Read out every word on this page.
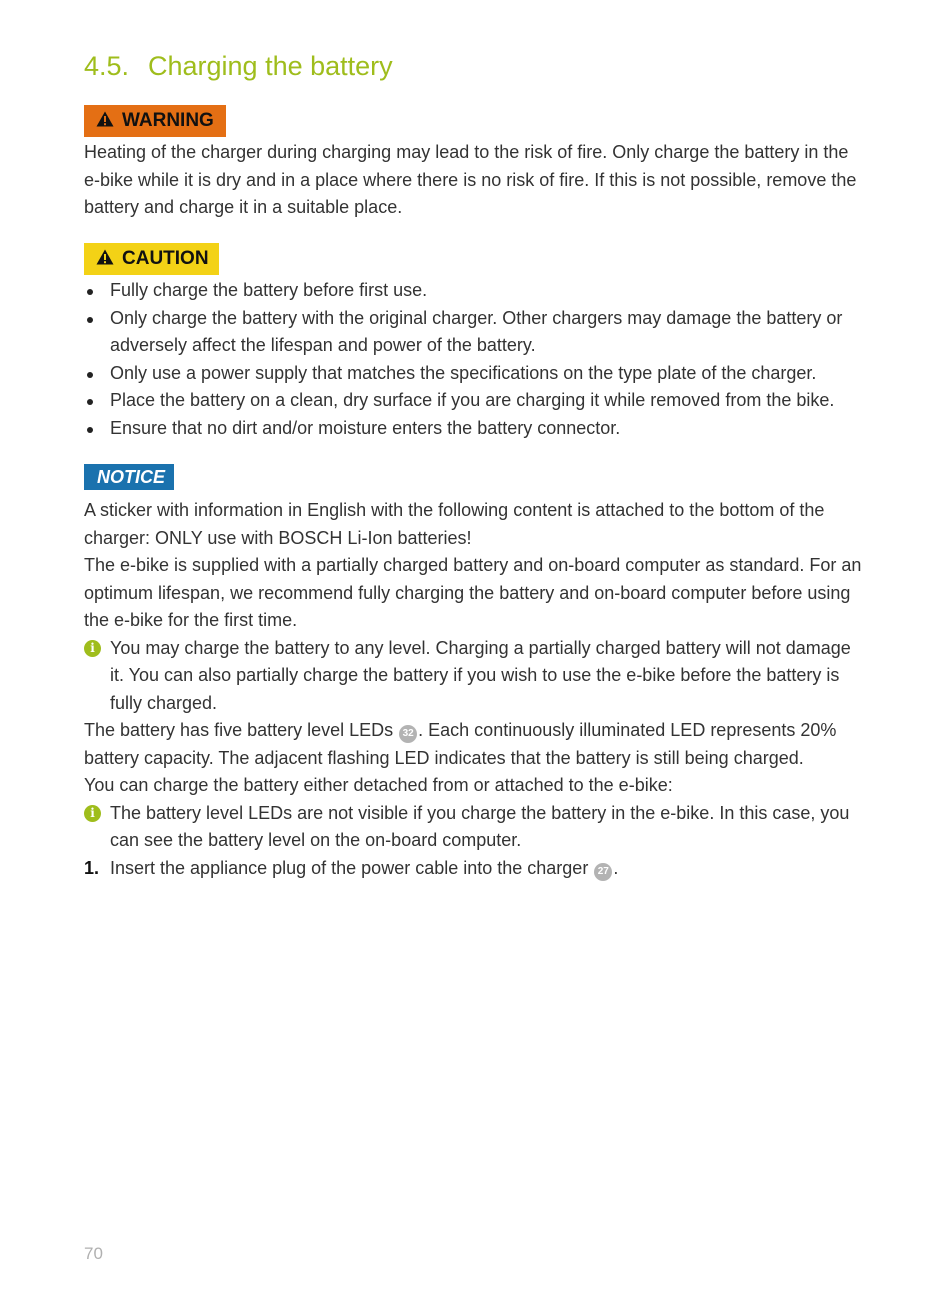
4.5. Charging the battery
WARNING

Heating of the charger during charging may lead to the risk of fire. Only charge the battery in the e-bike while it is dry and in a place where there is no risk of fire. If this is not possible, remove the battery and charge it in a suitable place.

CAUTION
Fully charge the battery before first use.
Only charge the battery with the original charger. Other chargers may damage the battery or adversely affect the lifespan and power of the battery.
Only use a power supply that matches the specifications on the type plate of the charger.
Place the battery on a clean, dry surface if you are charging it while removed from the bike.
Ensure that no dirt and/or moisture enters the battery connector.
NOTICE

A sticker with information in English with the following content is attached to the bottom of the charger: ONLY use with BOSCH Li-Ion batteries!

The e-bike is supplied with a partially charged battery and on-board computer as standard. For an optimum lifespan, we recommend fully charging the battery and on-board computer before using the e-bike for the first time.

i You may charge the battery to any level. Charging a partially charged battery will not damage it. You can also partially charge the battery if you wish to use the e-bike before the battery is fully charged.

The battery has five battery level LEDs 32 . Each continuously illuminated LED represents 20% battery capacity. The adjacent flashing LED indicates that the battery is still being charged.

You can charge the battery either detached from or attached to the e-bike:

i The battery level LEDs are not visible if you charge the battery in the e-bike. In this case, you can see the battery level on the on-board computer.
1. Insert the appliance plug of the power cable into the charger 27 .
70
